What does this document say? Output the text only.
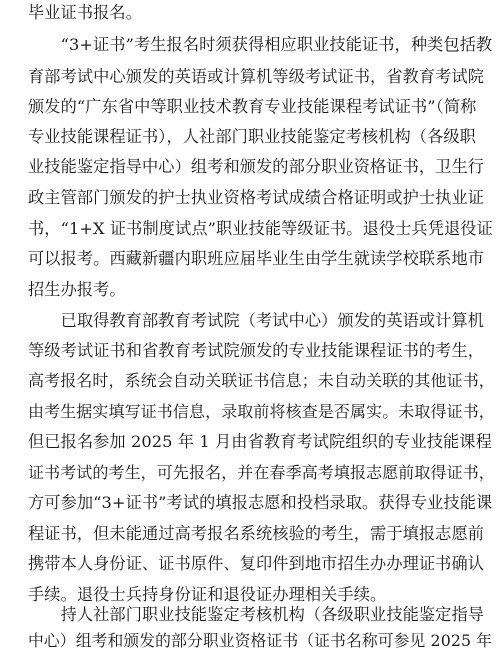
毕业证书报名。
　　“3+证书”考生报名时须获得相应职业技能证书，种类包括教
育部考试中心颁发的英语或计算机等级考试证书，省教育考试院
颁发的“广东省中等职业技术教育专业技能课程考试证书”（简称
专业技能课程证书），人社部门职业技能鉴定考核机构（各级职
业技能鉴定指导中心）组考和颁发的部分职业资格证书，卫生行
政主管部门颁发的护士执业资格考试成绩合格证明或护士执业证
书，“1+X 证书制度试点”职业技能等级证书。退役士兵凭退役证
可以报考。西藏新疆内职班应届毕业生由学生就读学校联系地市
招生办报考。
　　已取得教育部教育考试院（考试中心）颁发的英语或计算机
等级考试证书和省教育考试院颁发的专业技能课程证书的考生，
高考报名时，系统会自动关联证书信息；未自动关联的其他证书，
由考生据实填写证书信息，录取前将核查是否属实。未取得证书，
但已报名参加 2025 年 1 月由省教育考试院组织的专业技能课程
证书考试的考生，可先报名，并在春季高考填报志愿前取得证书，
方可参加“3+证书”考试的填报志愿和投档录取。获得专业技能课
程证书，但未能通过高考报名系统核验的考生，需于填报志愿前
携带本人身份证、证书原件、复印件到地市招生办办理证书确认
手续。退役士兵持身份证和退役证办理相关手续。
　　持人社部门职业技能鉴定考核机构（各级职业技能鉴定指导
中心）组考和颁发的部分职业资格证书（证书名称可参见 2025 年
